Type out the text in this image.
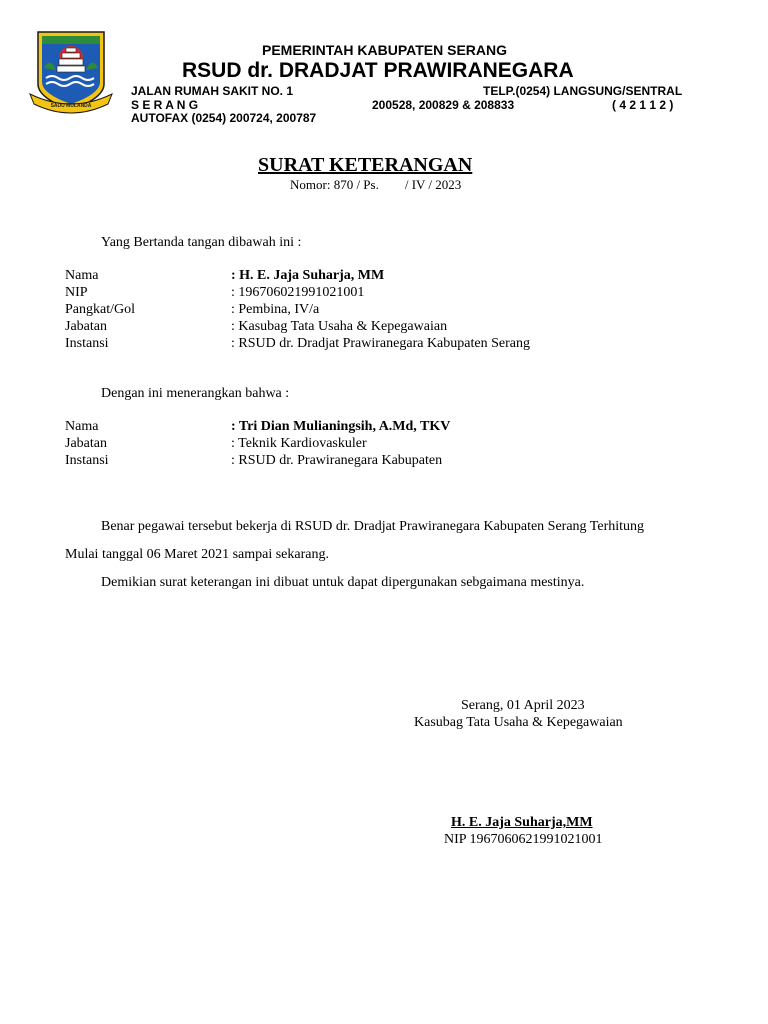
SADU MULANDA
PEMERINTAH KABUPATEN SERANG
RSUD dr. DRADJAT PRAWIRANEGARA
JALAN RUMAH SAKIT NO. 1	TELP.(0254) LANGSUNG/SENTRAL
S E R A N G	200528, 200829 & 208833	( 4 2 1 1 2 )
AUTOFAX (0254) 200724, 200787
SURAT KETERANGAN
Nomor: 870 / Ps.        / IV / 2023
Yang Bertanda tangan dibawah ini :
Nama	: H. E. Jaja Suharja, MM
NIP	: 196706021991021001
Pangkat/Gol	: Pembina, IV/a
Jabatan	: Kasubag Tata Usaha & Kepegawaian
Instansi	: RSUD dr. Dradjat Prawiranegara Kabupaten Serang
Dengan ini menerangkan bahwa :
Nama	: Tri Dian Mulianingsih, A.Md, TKV
Jabatan	: Teknik Kardiovaskuler
Instansi	: RSUD dr. Prawiranegara Kabupaten
Benar pegawai tersebut bekerja di RSUD dr. Dradjat Prawiranegara Kabupaten Serang Terhitung
Mulai tanggal 06 Maret 2021 sampai sekarang.
Demikian surat keterangan ini dibuat untuk dapat dipergunakan sebgaimana mestinya.
Serang, 01 April 2023
Kasubag Tata Usaha & Kepegawaian
H. E. Jaja Suharja,MM
NIP 1967060621991021001
